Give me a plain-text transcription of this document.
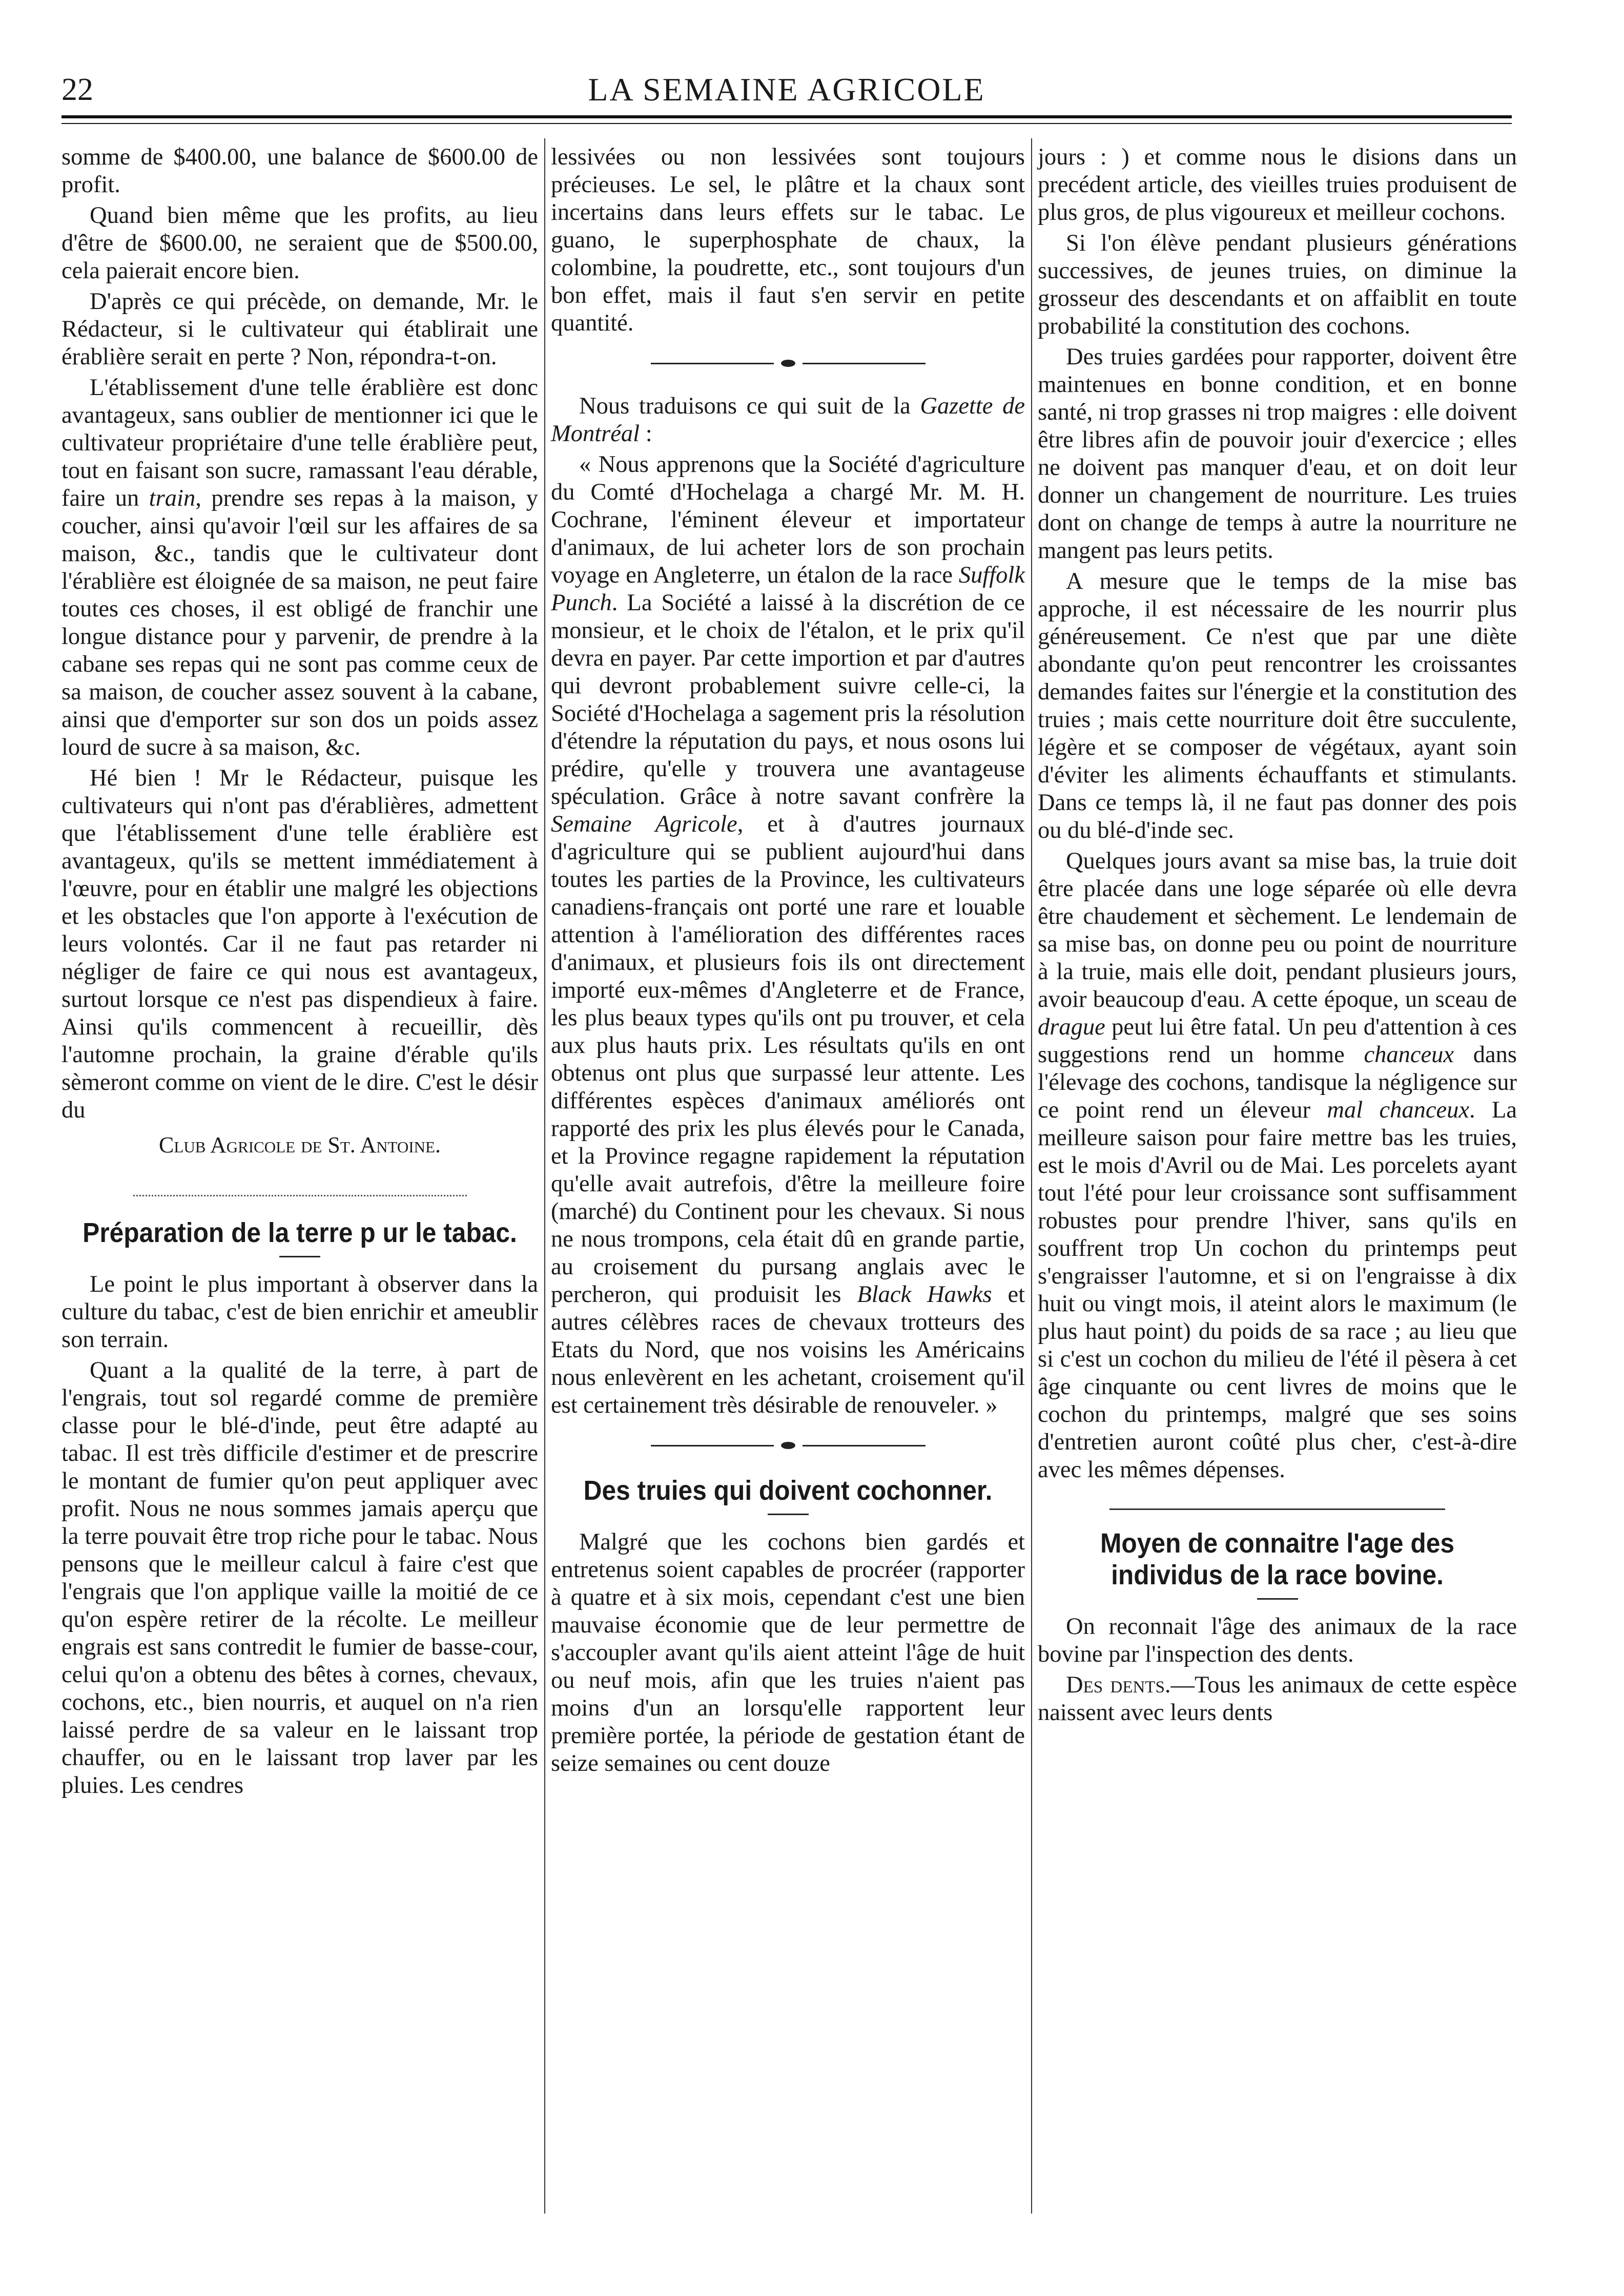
22	LA SEMAINE AGRICOLE

somme de $400.00, une balance de $600.00 de profit.

Quand bien même que les profits, au lieu d'être de $600.00, ne seraient que de $500.00, cela paierait encore bien.

D'après ce qui précède, on demande, Mr. le Rédacteur, si le cultivateur qui établirait une érablière serait en perte ? Non, répondra-t-on.

L'établissement d'une telle érablière est donc avantageux, sans oublier de mentionner ici que le cultivateur propriétaire d'une telle érablière peut, tout en faisant son sucre, ramassant l'eau dérable, faire un train, prendre ses repas à la maison, y coucher, ainsi qu'avoir l'œil sur les affaires de sa maison, &c., tandis que le cultivateur dont l'érablière est éloignée de sa maison, ne peut faire toutes ces choses, il est obligé de franchir une longue distance pour y parvenir, de prendre à la cabane ses repas qui ne sont pas comme ceux de sa maison, de coucher assez souvent à la cabane, ainsi que d'emporter sur son dos un poids assez lourd de sucre à sa maison, &c.

Hé bien ! Mr le Rédacteur, puisque les cultivateurs qui n'ont pas d'érablières, admettent que l'établissement d'une telle érablière est avantageux, qu'ils se mettent immédiatement à l'œuvre, pour en établir une malgré les objections et les obstacles que l'on apporte à l'exécution de leurs volontés. Car il ne faut pas retarder ni négliger de faire ce qui nous est avantageux, surtout lorsque ce n'est pas dispendieux à faire. Ainsi qu'ils commencent à recueillir, dès l'automne prochain, la graine d'érable qu'ils sèmeront comme on vient de le dire. C'est le désir du

Club Agricole de St. Antoine.

Préparation de la terre p ur le tabac.

Le point le plus important à observer dans la culture du tabac, c'est de bien enrichir et ameublir son terrain.

Quant a la qualité de la terre, à part de l'engrais, tout sol regardé comme de première classe pour le blé-d'inde, peut être adapté au tabac. Il est très difficile d'estimer et de prescrire le montant de fumier qu'on peut appliquer avec profit. Nous ne nous sommes jamais aperçu que la terre pouvait être trop riche pour le tabac. Nous pensons que le meilleur calcul à faire c'est que l'engrais que l'on applique vaille la moitié de ce qu'on espère retirer de la récolte. Le meilleur engrais est sans contredit le fumier de basse-cour, celui qu'on a obtenu des bêtes à cornes, chevaux, cochons, etc., bien nourris, et auquel on n'a rien laissé perdre de sa valeur en le laissant trop chauffer, ou en le laissant trop laver par les pluies. Les cendres

lessivées ou non lessivées sont toujours précieuses. Le sel, le plâtre et la chaux sont incertains dans leurs effets sur le tabac. Le guano, le superphosphate de chaux, la colombine, la poudrette, etc., sont toujours d'un bon effet, mais il faut s'en servir en petite quantité.

Nous traduisons ce qui suit de la Gazette de Montréal :

« Nous apprenons que la Société d'agriculture du Comté d'Hochelaga a chargé Mr. M. H. Cochrane, l'éminent éleveur et importateur d'animaux, de lui acheter lors de son prochain voyage en Angleterre, un étalon de la race Suffolk Punch. La Société a laissé à la discrétion de ce monsieur, et le choix de l'étalon, et le prix qu'il devra en payer. Par cette importion et par d'autres qui devront probablement suivre celle-ci, la Société d'Hochelaga a sagement pris la résolution d'étendre la réputation du pays, et nous osons lui prédire, qu'elle y trouvera une avantageuse spéculation. Grâce à notre savant confrère la Semaine Agricole, et à d'autres journaux d'agriculture qui se publient aujourd'hui dans toutes les parties de la Province, les cultivateurs canadiens-français ont porté une rare et louable attention à l'amélioration des différentes races d'animaux, et plusieurs fois ils ont directement importé eux-mêmes d'Angleterre et de France, les plus beaux types qu'ils ont pu trouver, et cela aux plus hauts prix. Les résultats qu'ils en ont obtenus ont plus que surpassé leur attente. Les différentes espèces d'animaux améliorés ont rapporté des prix les plus élevés pour le Canada, et la Province regagne rapidement la réputation qu'elle avait autrefois, d'être la meilleure foire (marché) du Continent pour les chevaux. Si nous ne nous trompons, cela était dû en grande partie, au croisement du pursang anglais avec le percheron, qui produisit les Black Hawks et autres célèbres races de chevaux trotteurs des Etats du Nord, que nos voisins les Américains nous enlevèrent en les achetant, croisement qu'il est certainement très désirable de renouveler. »

Des truies qui doivent cochonner.

Malgré que les cochons bien gardés et entretenus soient capables de procréer (rapporter à quatre et à six mois, cependant c'est une bien mauvaise économie que de leur permettre de s'accoupler avant qu'ils aient atteint l'âge de huit ou neuf mois, afin que les truies n'aient pas moins d'un an lorsqu'elle rapportent leur première portée, la période de gestation étant de seize semaines ou cent douze

jours : ) et comme nous le disions dans un precédent article, des vieilles truies produisent de plus gros, de plus vigoureux et meilleur cochons.

Si l'on élève pendant plusieurs générations successives, de jeunes truies, on diminue la grosseur des descendants et on affaiblit en toute probabilité la constitution des cochons.

Des truies gardées pour rapporter, doivent être maintenues en bonne condition, et en bonne santé, ni trop grasses ni trop maigres : elle doivent être libres afin de pouvoir jouir d'exercice ; elles ne doivent pas manquer d'eau, et on doit leur donner un changement de nourriture. Les truies dont on change de temps à autre la nourriture ne mangent pas leurs petits.

A mesure que le temps de la mise bas approche, il est nécessaire de les nourrir plus généreusement. Ce n'est que par une diète abondante qu'on peut rencontrer les croissantes demandes faites sur l'énergie et la constitution des truies ; mais cette nourriture doit être succulente, légère et se composer de végétaux, ayant soin d'éviter les aliments échauffants et stimulants. Dans ce temps là, il ne faut pas donner des pois ou du blé-d'inde sec.

Quelques jours avant sa mise bas, la truie doit être placée dans une loge séparée où elle devra être chaudement et sèchement. Le lendemain de sa mise bas, on donne peu ou point de nourriture à la truie, mais elle doit, pendant plusieurs jours, avoir beaucoup d'eau. A cette époque, un sceau de drague peut lui être fatal. Un peu d'attention à ces suggestions rend un homme chanceux dans l'élevage des cochons, tandisque la négligence sur ce point rend un éleveur mal chanceux. La meilleure saison pour faire mettre bas les truies, est le mois d'Avril ou de Mai. Les porcelets ayant tout l'été pour leur croissance sont suffisamment robustes pour prendre l'hiver, sans qu'ils en souffrent trop Un cochon du printemps peut s'engraisser l'automne, et si on l'engraisse à dix huit ou vingt mois, il ateint alors le maximum (le plus haut point) du poids de sa race ; au lieu que si c'est un cochon du milieu de l'été il pèsera à cet âge cinquante ou cent livres de moins que le cochon du printemps, malgré que ses soins d'entretien auront coûté plus cher, c'est-à-dire avec les mêmes dépenses.

Moyen de connaitre l'age des individus de la race bovine.

On reconnait l'âge des animaux de la race bovine par l'inspection des dents.

Des dents.—Tous les animaux de cette espèce naissent avec leurs dents
